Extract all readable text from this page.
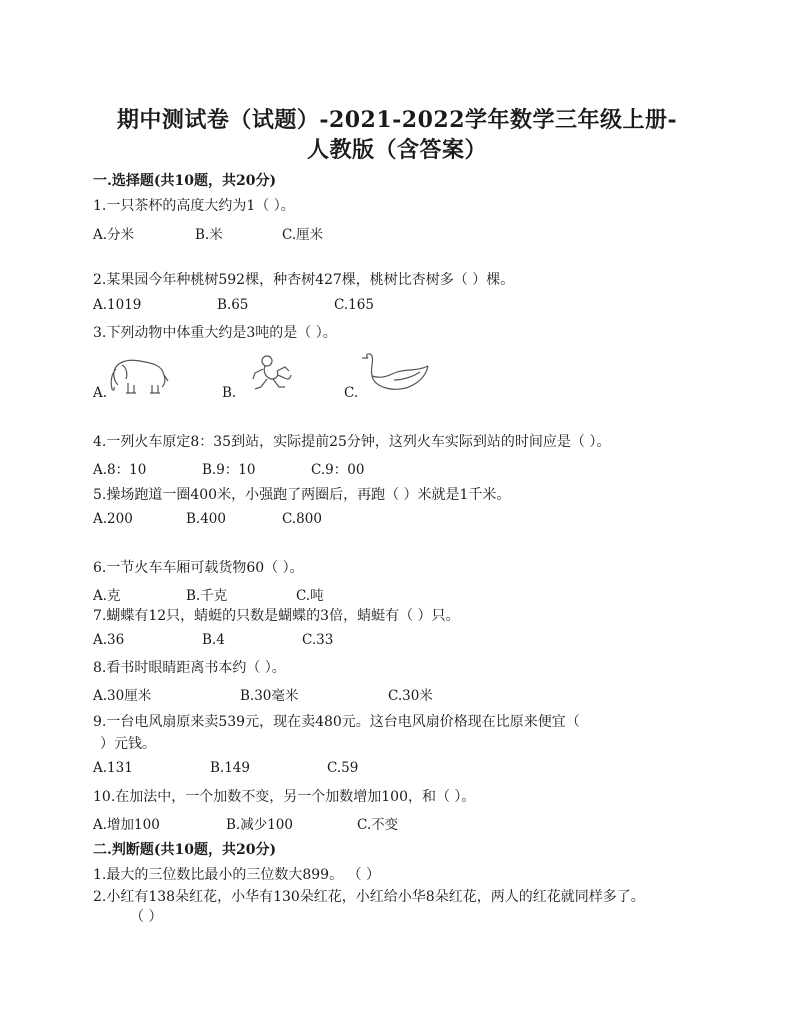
期中测试卷（试题）-2021-2022学年数学三年级上册-
人教版（含答案）
一.选择题(共10题，共20分)
1.一只茶杯的高度大约为1（ ）。
A.分米	B.米	C.厘米
2.某果园今年种桃树592棵，种杏树427棵，桃树比杏树多（ ）棵。
A.1019	B.65	C.165
3.下列动物中体重大约是3吨的是（ ）。
A.	B.	C.
4.一列火车原定8：35到站，实际提前25分钟，这列火车实际到站的时间应是（ ）。
A.8：10	B.9：10	C.9：00
5.操场跑道一圈400米，小强跑了两圈后，再跑（ ）米就是1千米。
A.200	B.400	C.800
6.一节火车车厢可载货物60（ ）。
A.克	B.千克	C.吨
7.蝴蝶有12只，蜻蜓的只数是蝴蝶的3倍，蜻蜓有（ ）只。
A.36	B.4	C.33
8.看书时眼睛距离书本约（ ）。
A.30厘米	B.30毫米	C.30米
9.一台电风扇原来卖539元，现在卖480元。这台电风扇价格现在比原来便宜（
）元钱。
A.131	B.149	C.59
10.在加法中，一个加数不变，另一个加数增加100，和（ ）。
A.增加100	B.减少100	C.不变
二.判断题(共10题，共20分)
1.最大的三位数比最小的三位数大899。 （ ）
2.小红有138朵红花，小华有130朵红花，小红给小华8朵红花，两人的红花就同样多了。
（ ）
